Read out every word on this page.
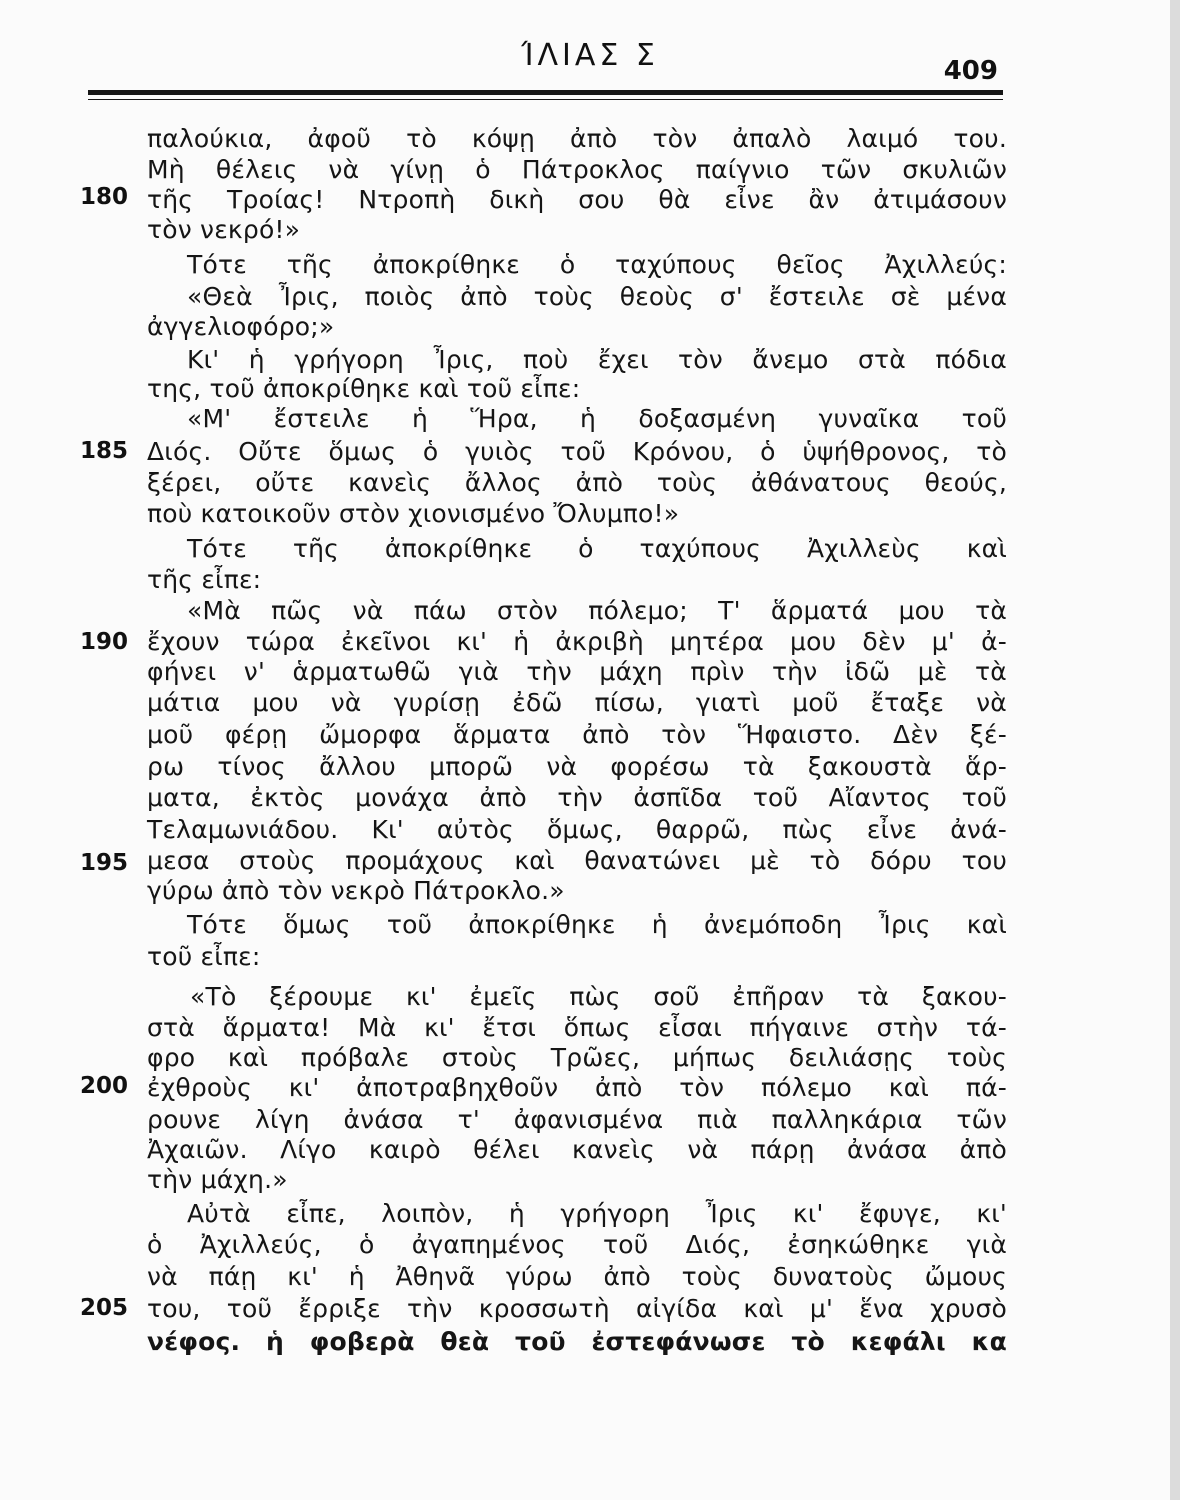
ΊΛΙΑΣ Σ	409
180
185
190
195
200
205
παλούκια, ἀφοῦ τὸ κόψῃ ἀπὸ τὸν ἀπαλὸ λαιμό του.
Μὴ θέλεις νὰ γίνῃ ὁ Πάτροκλος παίγνιο τῶν σκυλιῶν
τῆς Τροίας! Ντροπὴ δικὴ σου θὰ εἶνε ἂν ἀτιμάσουν
τὸν νεκρό!»
Τότε τῆς ἀποκρίθηκε ὁ ταχύπους θεῖος Ἀχιλλεύς:
«Θεὰ Ἶρις, ποιὸς ἀπὸ τοὺς θεοὺς σ' ἔστειλε σὲ μένα
ἀγγελιοφόρο;»
Κι' ἡ γρήγορη Ἶρις, ποὺ ἔχει τὸν ἄνεμο στὰ πόδια
της, τοῦ ἀποκρίθηκε καὶ τοῦ εἶπε:
«Μ' ἔστειλε ἡ Ἥρα, ἡ δοξασμένη γυναῖκα τοῦ
Διός. Οὔτε ὅμως ὁ γυιὸς τοῦ Κρόνου, ὁ ὑψήθρονος, τὸ
ξέρει, οὔτε κανεὶς ἄλλος ἀπὸ τοὺς ἀθάνατους θεούς,
ποὺ κατοικοῦν στὸν χιονισμένο Ὄλυμπο!»
Τότε τῆς ἀποκρίθηκε ὁ ταχύπους Ἀχιλλεὺς καὶ
τῆς εἶπε:
«Μὰ πῶς νὰ πάω στὸν πόλεμο; Τ' ἅρματά μου τὰ
ἔχουν τώρα ἐκεῖνοι κι' ἡ ἀκριβὴ μητέρα μου δὲν μ' ἀ-
φήνει ν' ἁρματωθῶ γιὰ τὴν μάχη πρὶν τὴν ἰδῶ μὲ τὰ
μάτια μου νὰ γυρίσῃ ἐδῶ πίσω, γιατὶ μοῦ ἔταξε νὰ
μοῦ φέρῃ ὤμορφα ἅρματα ἀπὸ τὸν Ἥφαιστο. Δὲν ξέ-
ρω τίνος ἄλλου μπορῶ νὰ φορέσω τὰ ξακουστὰ ἅρ-
ματα, ἐκτὸς μονάχα ἀπὸ τὴν ἀσπῖδα τοῦ Αἴαντος τοῦ
Τελαμωνιάδου. Κι' αὐτὸς ὅμως, θαρρῶ, πὼς εἶνε ἀνά-
μεσα στοὺς προμάχους καὶ θανατώνει μὲ τὸ δόρυ του
γύρω ἀπὸ τὸν νεκρὸ Πάτροκλο.»
Τότε ὅμως τοῦ ἀποκρίθηκε ἡ ἀνεμόποδη Ἶρις καὶ
τοῦ εἶπε:
«Τὸ ξέρουμε κι' ἐμεῖς πὼς σοῦ ἐπῆραν τὰ ξακου-
στὰ ἅρματα! Μὰ κι' ἔτσι ὅπως εἶσαι πήγαινε στὴν τά-
φρο καὶ πρόβαλε στοὺς Τρῶες, μήπως δειλιάσῃς τοὺς
ἐχθροὺς κι' ἀποτραβηχθοῦν ἀπὸ τὸν πόλεμο καὶ πά-
ρουνε λίγη ἀνάσα τ' ἀφανισμένα πιὰ παλληκάρια τῶν
Ἀχαιῶν. Λίγο καιρὸ θέλει κανεὶς νὰ πάρῃ ἀνάσα ἀπὸ
τὴν μάχη.»
Αὐτὰ εἶπε, λοιπὸν, ἡ γρήγορη Ἶρις κι' ἔφυγε, κι'
ὁ Ἀχιλλεύς, ὁ ἀγαπημένος τοῦ Διός, ἐσηκώθηκε γιὰ
νὰ πάῃ κι' ἡ Ἀθηνᾶ γύρω ἀπὸ τοὺς δυνατοὺς ὤμους
του, τοῦ ἔρριξε τὴν κροσσωτὴ αἰγίδα καὶ μ' ἕνα χρυσὸ
νέφος. ἡ φοβερὰ θεὰ τοῦ ἐστεφάνωσε τὸ κεφάλι κα
